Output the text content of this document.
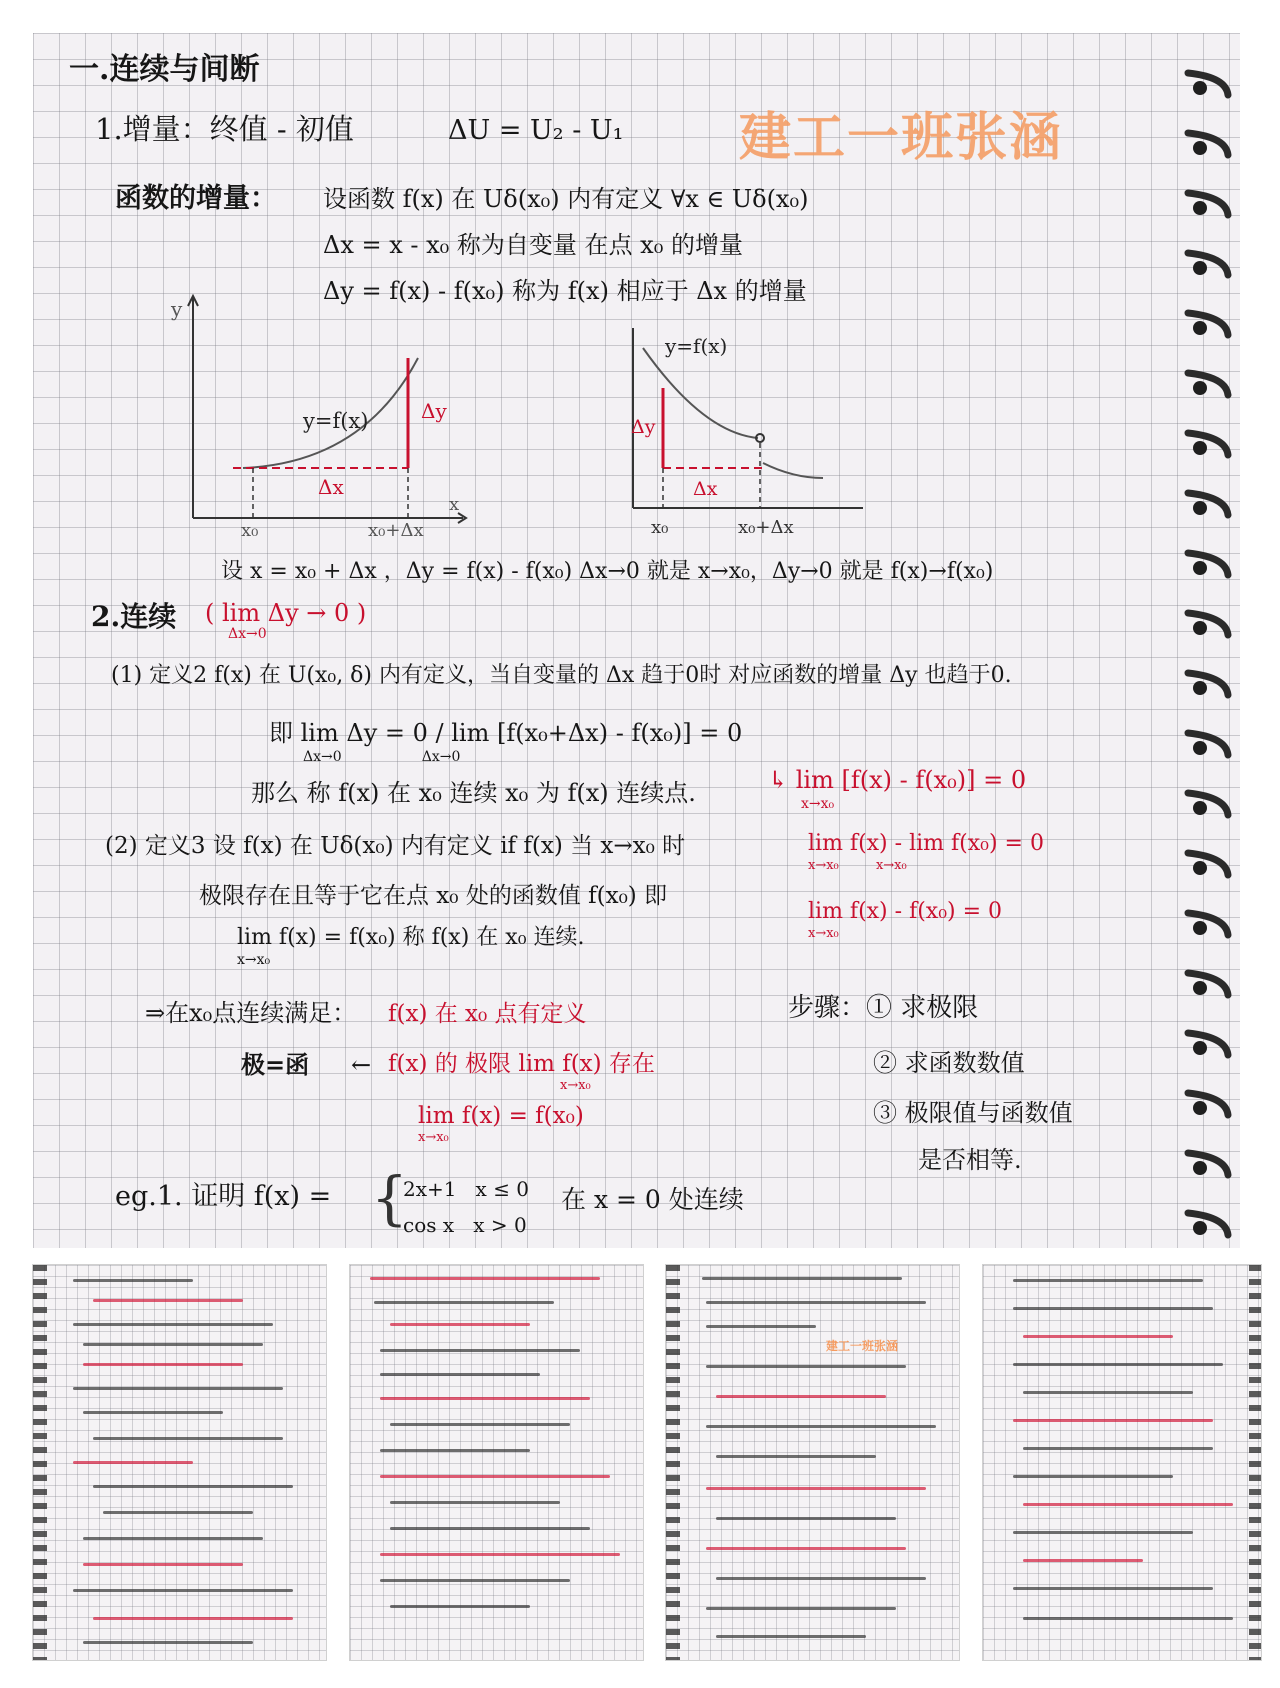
建工一班张涵
一.连续与间断
1.增量：终值 - 初值	ΔU = U₂ - U₁
函数的增量： 设函数 f(x) 在 Uδ(x₀) 内有定义 ∀x ∈ Uδ(x₀)
Δx = x - x₀ 称为自变量 在点 x₀ 的增量
Δy = f(x) - f(x₀) 称为 f(x) 相应于 Δx 的增量
y
x
y=f(x)	Δy
Δx
x₀	x₀+Δx
y=f(x)
Δy
Δx
x₀	x₀+Δx
设 x = x₀ + Δx ，Δy = f(x) - f(x₀) Δx→0 就是 x→x₀，Δy→0 就是 f(x)→f(x₀)
2.连续 ( lim Δy → 0 )
Δx→0
(1) 定义2 f(x) 在 U(x₀, δ) 内有定义，当自变量的 Δx 趋于0时 对应函数的增量 Δy 也趋于0.
即 lim Δy = 0 / lim [f(x₀+Δx) - f(x₀)] = 0
Δx→0                  Δx→0
↳ lim [f(x) - f(x₀)] = 0
x→x₀
那么 称 f(x) 在 x₀ 连续 x₀ 为 f(x) 连续点.
(2) 定义3 设 f(x) 在 Uδ(x₀) 内有定义 if f(x) 当 x→x₀ 时
极限存在且等于它在点 x₀ 处的函数值 f(x₀) 即
lim f(x) = f(x₀) 称 f(x) 在 x₀ 连续.
x→x₀
lim f(x) - lim f(x₀) = 0
x→x₀         x→x₀
lim f(x) - f(x₀) = 0
x→x₀
⇒在x₀点连续满足： f(x) 在 x₀ 点有定义
极=函 ← f(x) 的 极限 lim f(x) 存在
x→x₀
lim f(x) = f(x₀)
x→x₀
步骤：① 求极限
② 求函数数值
③ 极限值与函数值
是否相等.
eg.1. 证明 f(x) = {
2x+1   x ≤ 0
cos x   x > 0
在 x = 0 处连续
建工一班张涵
